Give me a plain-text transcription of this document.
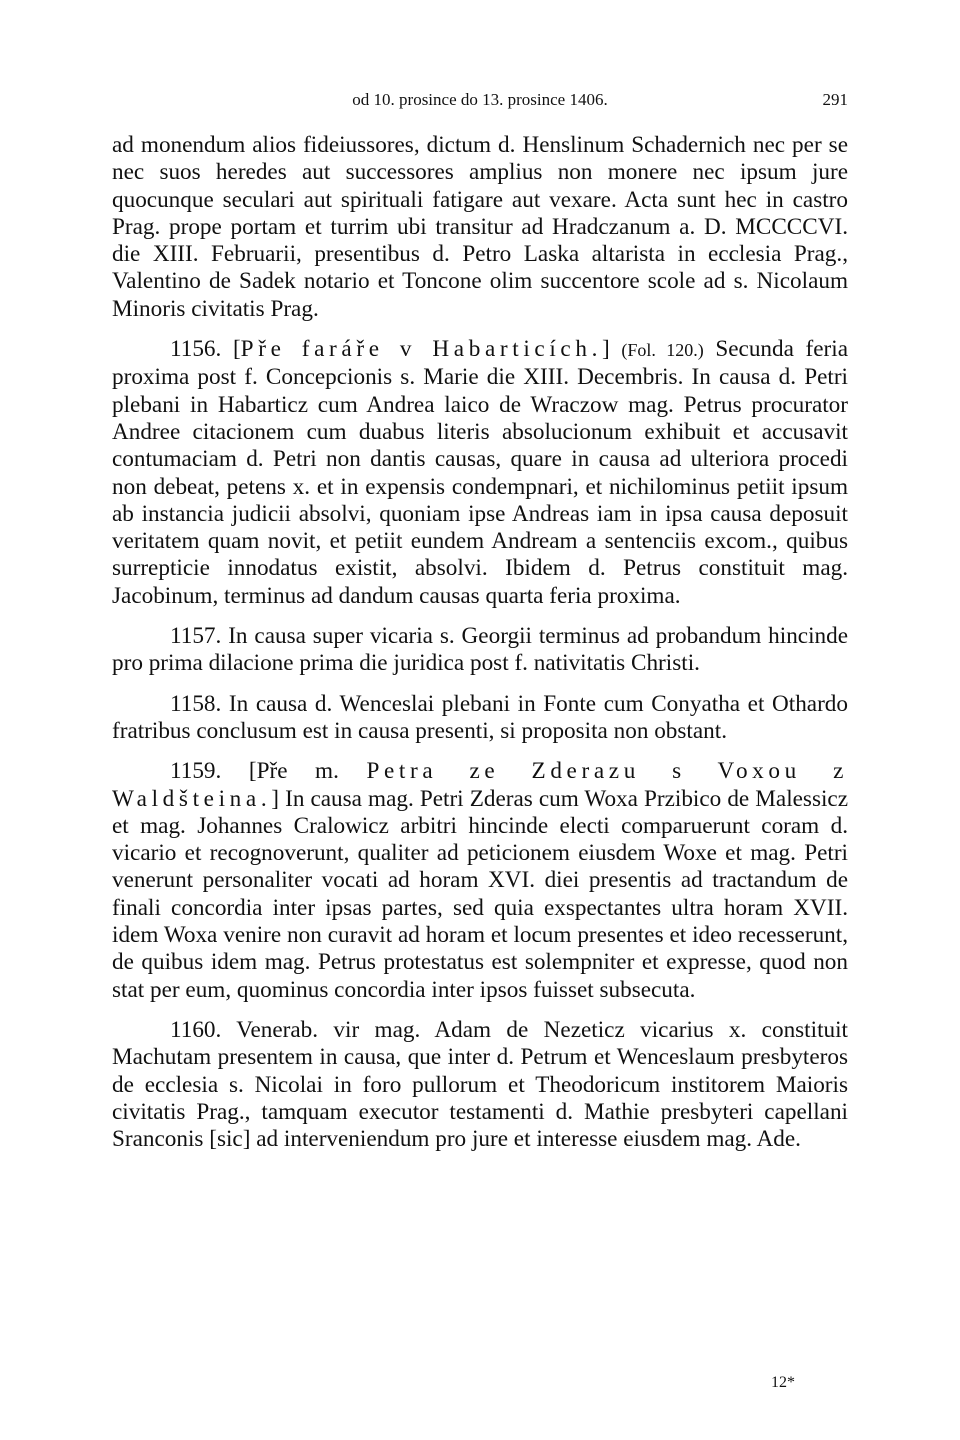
od 10. prosince do 13. prosince 1406.	291

ad monendum alios fideiussores, dictum d. Henslinum Schadernich nec per se nec suos heredes aut successores amplius non monere nec ipsum jure quocunque seculari aut spirituali fatigare aut vexare. Acta sunt hec in castro Prag. prope portam et turrim ubi transitur ad Hradczanum a. D. MCCCCVI. die XIII. Februarii, presentibus d. Petro Laska altarista in ecclesia Prag., Valentino de Sadek notario et Toncone olim succentore scole ad s. Nicolaum Minoris civitatis Prag.

1156. [Pře faráře v Habarticích.] (Fol. 120.) Secunda feria proxima post f. Concepcionis s. Marie die XIII. Decembris. In causa d. Petri plebani in Habarticz cum Andrea laico de Wraczow mag. Petrus procurator Andree citacionem cum duabus literis absolucionum exhibuit et accusavit contumaciam d. Petri non dantis causas, quare in causa ad ulteriora procedi non debeat, petens x. et in expensis condempnari, et nichilominus petiit ipsum ab instancia judicii absolvi, quoniam ipse Andreas iam in ipsa causa deposuit veritatem quam novit, et petiit eundem Andream a sentenciis excom., quibus surrepticie innodatus existit, absolvi. Ibidem d. Petrus constituit mag. Jacobinum, terminus ad dandum causas quarta feria proxima.

1157. In causa super vicaria s. Georgii terminus ad probandum hincinde pro prima dilacione prima die juridica post f. nativitatis Christi.

1158. In causa d. Wenceslai plebani in Fonte cum Conyatha et Othardo fratribus conclusum est in causa presenti, si proposita non obstant.

1159. [Pře m. Petra ze Zderazu s Voxou z Waldšteina.] In causa mag. Petri Zderas cum Woxa Przibico de Malessicz et mag. Johannes Cralowicz arbitri hincinde electi comparuerunt coram d. vicario et recognoverunt, qualiter ad peticionem eiusdem Woxe et mag. Petri venerunt personaliter vocati ad horam XVI. diei presentis ad tractandum de finali concordia inter ipsas partes, sed quia exspectantes ultra horam XVII. idem Woxa venire non curavit ad horam et locum presentes et ideo recesserunt, de quibus idem mag. Petrus protestatus est solempniter et expresse, quod non stat per eum, quominus concordia inter ipsos fuisset subsecuta.

1160. Venerab. vir mag. Adam de Nezeticz vicarius x. constituit Machutam presentem in causa, que inter d. Petrum et Wenceslaum presbyteros de ecclesia s. Nicolai in foro pullorum et Theodoricum institorem Maioris civitatis Prag., tamquam executor testamenti d. Mathie presbyteri capellani Sranconis [sic] ad interveniendum pro jure et interesse eiusdem mag. Ade.

12*
